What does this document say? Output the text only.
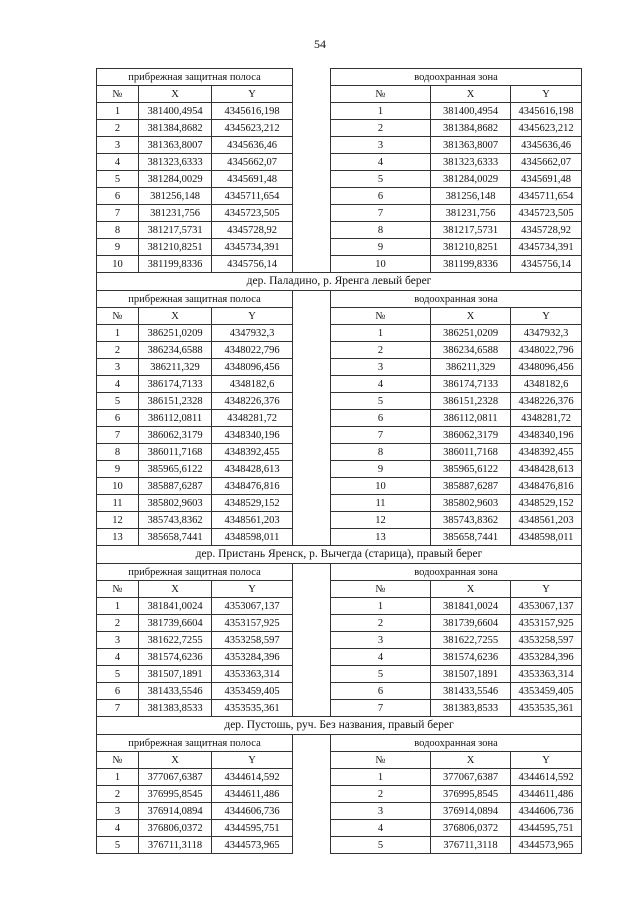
54
прибрежная защитная полоса				водоохранная зона		
№	X	Y		№	X	Y
1	381400,4954	4345616,198		1	381400,4954	4345616,198
2	381384,8682	4345623,212		2	381384,8682	4345623,212
3	381363,8007	4345636,46		3	381363,8007	4345636,46
4	381323,6333	4345662,07		4	381323,6333	4345662,07
5	381284,0029	4345691,48		5	381284,0029	4345691,48
6	381256,148	4345711,654		6	381256,148	4345711,654
7	381231,756	4345723,505		7	381231,756	4345723,505
8	381217,5731	4345728,92		8	381217,5731	4345728,92
9	381210,8251	4345734,391		9	381210,8251	4345734,391
10	381199,8336	4345756,14		10	381199,8336	4345756,14
дер. Паладино, р. Яренга левый берег						
прибрежная защитная полоса				водоохранная зона		
№	X	Y		№	X	Y
1	386251,0209	4347932,3		1	386251,0209	4347932,3
2	386234,6588	4348022,796		2	386234,6588	4348022,796
3	386211,329	4348096,456		3	386211,329	4348096,456
4	386174,7133	4348182,6		4	386174,7133	4348182,6
5	386151,2328	4348226,376		5	386151,2328	4348226,376
6	386112,0811	4348281,72		6	386112,0811	4348281,72
7	386062,3179	4348340,196		7	386062,3179	4348340,196
8	386011,7168	4348392,455		8	386011,7168	4348392,455
9	385965,6122	4348428,613		9	385965,6122	4348428,613
10	385887,6287	4348476,816		10	385887,6287	4348476,816
11	385802,9603	4348529,152		11	385802,9603	4348529,152
12	385743,8362	4348561,203		12	385743,8362	4348561,203
13	385658,7441	4348598,011		13	385658,7441	4348598,011
дер. Пристань Яренск, р. Вычегда (старица), правый берег						
прибрежная защитная полоса				водоохранная зона		
№	X	Y		№	X	Y
1	381841,0024	4353067,137		1	381841,0024	4353067,137
2	381739,6604	4353157,925		2	381739,6604	4353157,925
3	381622,7255	4353258,597		3	381622,7255	4353258,597
4	381574,6236	4353284,396		4	381574,6236	4353284,396
5	381507,1891	4353363,314		5	381507,1891	4353363,314
6	381433,5546	4353459,405		6	381433,5546	4353459,405
7	381383,8533	4353535,361		7	381383,8533	4353535,361
дер. Пустошь, руч. Без названия, правый берег						
прибрежная защитная полоса				водоохранная зона		
№	X	Y		№	X	Y
1	377067,6387	4344614,592		1	377067,6387	4344614,592
2	376995,8545	4344611,486		2	376995,8545	4344611,486
3	376914,0894	4344606,736		3	376914,0894	4344606,736
4	376806,0372	4344595,751		4	376806,0372	4344595,751
5	376711,3118	4344573,965		5	376711,3118	4344573,965
